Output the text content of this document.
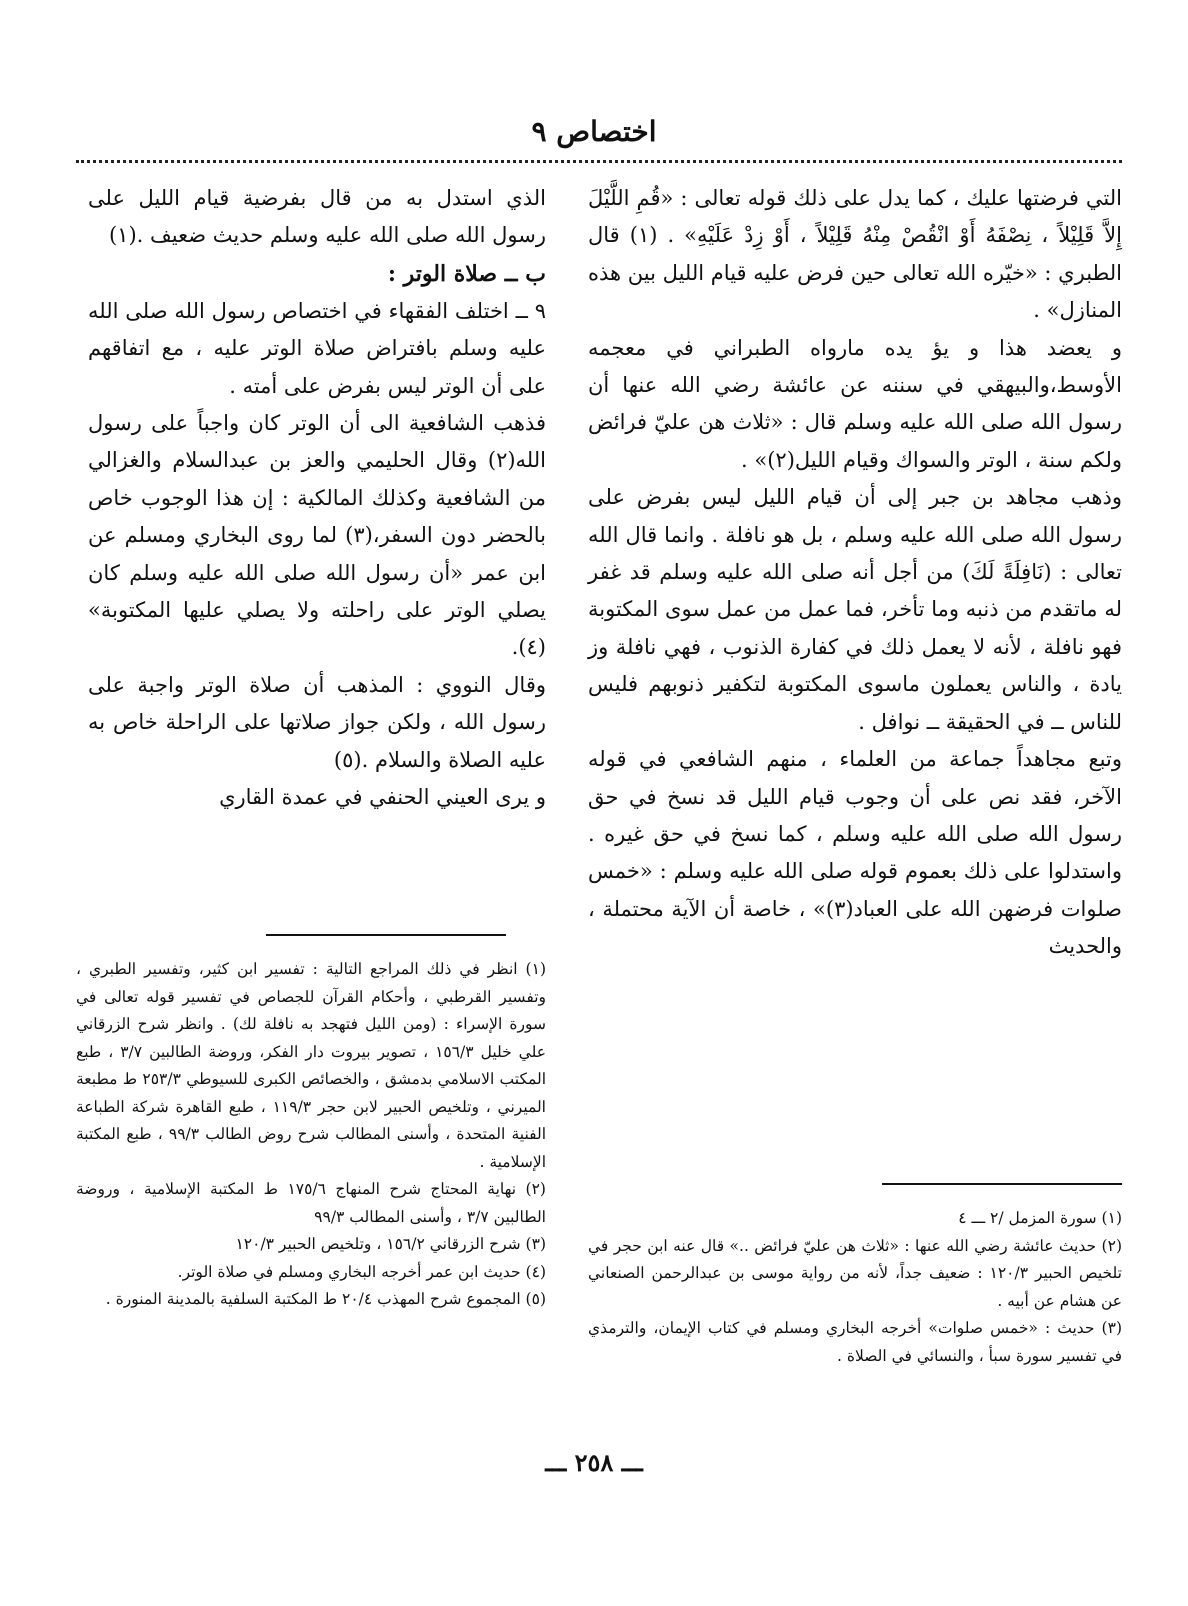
اختصاص ٩

التي فرضتها عليك ، كما يدل على ذلك قوله تعالى : «قُمِ اللَّيْلَ إِلاَّ قَلِيْلاً ، نِصْفَهُ أَوْ انْقُصْ مِنْهُ قَلِيْلاً ، أَوْ زِدْ عَلَيْهِ» . (١) قال الطبري : «خيّره الله تعالى حين فرض عليه قيام الليل بين هذه المنازل» .

و يعضد هذا و يؤ يده مارواه الطبراني في معجمه الأوسط،والبيهقي في سننه عن عائشة رضي الله عنها أن رسول الله صلى الله عليه وسلم قال : «ثلاث هن عليّ فرائض ولكم سنة ، الوتر والسواك وقيام الليل(٢)» .

وذهب مجاهد بن جبر إلى أن قيام الليل ليس بفرض على رسول الله صلى الله عليه وسلم ، بل هو نافلة . وانما قال الله تعالى : (نَافِلَةً لَكَ) من أجل أنه صلى الله عليه وسلم قد غفر له ماتقدم من ذنبه وما تأخر، فما عمل من عمل سوى المكتوبة فهو نافلة ، لأنه لا يعمل ذلك في كفارة الذنوب ، فهي نافلة وز يادة ، والناس يعملون ماسوى المكتوبة لتكفير ذنوبهم فليس للناس ــ في الحقيقة ــ نوافل .

وتبع مجاهداً جماعة من العلماء ، منهم الشافعي في قوله الآخر، فقد نص على أن وجوب قيام الليل قد نسخ في حق رسول الله صلى الله عليه وسلم ، كما نسخ في حق غيره . واستدلوا على ذلك بعموم قوله صلى الله عليه وسلم : «خمس صلوات فرضهن الله على العباد(٣)» ، خاصة أن الآية محتملة ، والحديث

(١) سورة المزمل /٢ ـــ ٤

(٢) حديث عائشة رضي الله عنها : «ثلاث هن عليّ فرائض ..» قال عنه ابن حجر في تلخيص الحبير ١٢٠/٣ : ضعيف جداً، لأنه من رواية موسى بن عبدالرحمن الصنعاني عن هشام عن أبيه .

(٣) حديث : «خمس صلوات» أخرجه البخاري ومسلم في كتاب الإيمان، والترمذي في تفسير سورة سبأ ، والنسائي في الصلاة .

الذي استدل به من قال بفرضية قيام الليل على رسول الله صلى الله عليه وسلم حديث ضعيف .(١)

ب ــ صلاة الوتر :

٩ ــ اختلف الفقهاء في اختصاص رسول الله صلى الله عليه وسلم بافتراض صلاة الوتر عليه ، مع اتفاقهم على أن الوتر ليس بفرض على أمته .

فذهب الشافعية الى أن الوتر كان واجباً على رسول الله(٢) وقال الحليمي والعز بن عبدالسلام والغزالي من الشافعية وكذلك المالكية : إن هذا الوجوب خاص بالحضر دون السفر،(٣) لما روى البخاري ومسلم عن ابن عمر «أن رسول الله صلى الله عليه وسلم كان يصلي الوتر على راحلته ولا يصلي عليها المكتوبة» (٤).

وقال النووي : المذهب أن صلاة الوتر واجبة على رسول الله ، ولكن جواز صلاتها على الراحلة خاص به عليه الصلاة والسلام .(٥)

و يرى العيني الحنفي في عمدة القاري

(١) انظر في ذلك المراجع التالية : تفسير ابن كثير، وتفسير الطبري ، وتفسير القرطبي ، وأحكام القرآن للجصاص في تفسير قوله تعالى في سورة الإسراء : (ومن الليل فتهجد به نافلة لك) . وانظر شرح الزرقاني علي خليل ١٥٦/٣ ، تصوير بيروت دار الفكر، وروضة الطالبين ٣/٧ ، طبع المكتب الاسلامي بدمشق ، والخصائص الكبرى للسيوطي ٢٥٣/٣ ط مطبعة الميرني ، وتلخيص الحبير لابن حجر ١١٩/٣ ، طبع القاهرة شركة الطباعة الفنية المتحدة ، وأسنى المطالب شرح روض الطالب ٩٩/٣ ، طبع المكتبة الإسلامية .

(٢) نهاية المحتاج شرح المنهاج ١٧٥/٦ ط المكتبة الإسلامية ، وروضة الطالبين ٣/٧ ، وأسنى المطالب ٩٩/٣

(٣) شرح الزرقاني ١٥٦/٢ ، وتلخيص الحبير ١٢٠/٣

(٤) حديث ابن عمر أخرجه البخاري ومسلم في صلاة الوتر.

(٥) المجموع شرح المهذب ٢٠/٤ ط المكتبة السلفية بالمدينة المنورة .

ـــ ٢٥٨ ـــ
